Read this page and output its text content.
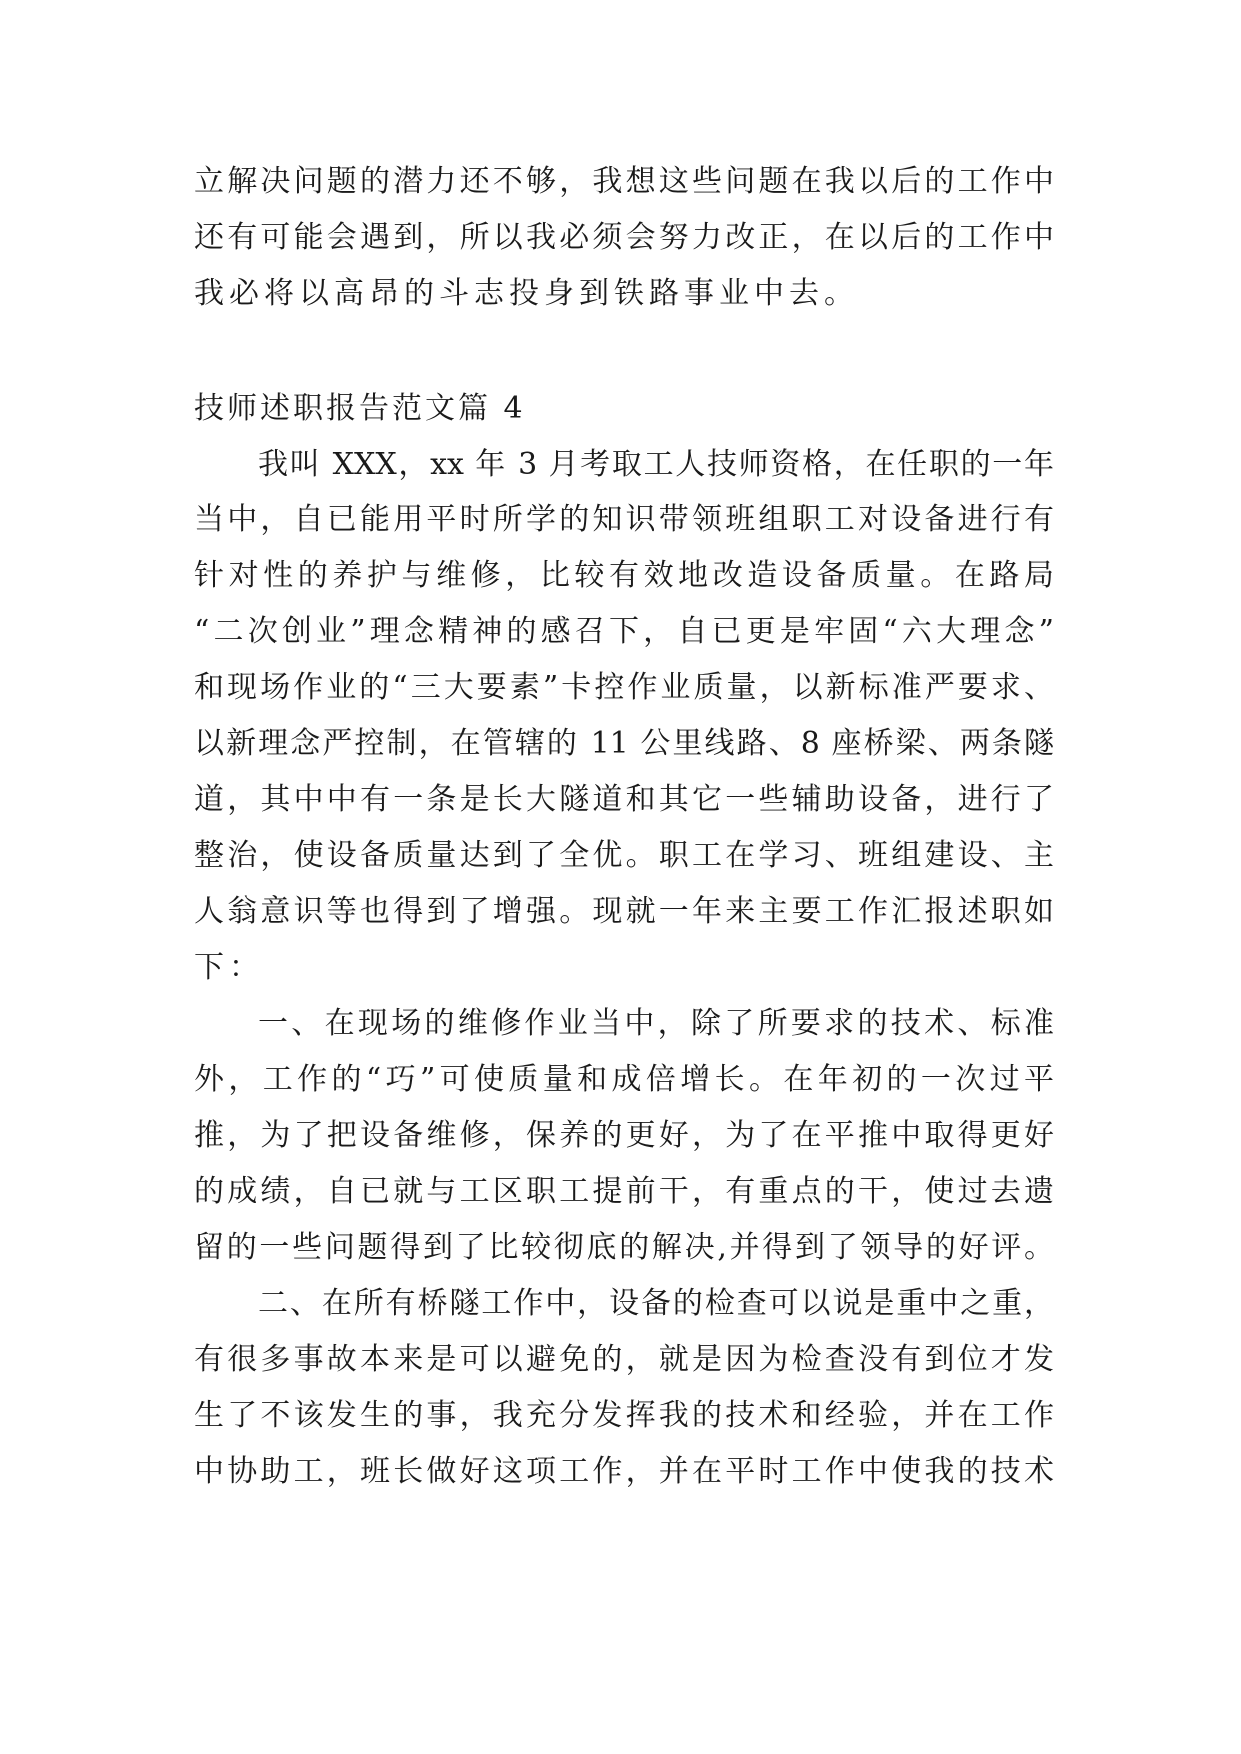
立解决问题的潜力还不够，我想这些问题在我以后的工作中
还有可能会遇到，所以我必须会努力改正，在以后的工作中
我必将以高昂的斗志投身到铁路事业中去。
技师述职报告范文篇 4
我叫 XXX，xx 年 3 月考取工人技师资格，在任职的一年
当中，自已能用平时所学的知识带领班组职工对设备进行有
针对性的养护与维修，比较有效地改造设备质量。在路局
“二次创业”理念精神的感召下，自已更是牢固“六大理念”
和现场作业的“三大要素”卡控作业质量，以新标准严要求、
以新理念严控制，在管辖的 11 公里线路、8 座桥梁、两条隧
道，其中中有一条是长大隧道和其它一些辅助设备，进行了
整治，使设备质量达到了全优。职工在学习、班组建设、主
人翁意识等也得到了增强。现就一年来主要工作汇报述职如
下：
一、在现场的维修作业当中，除了所要求的技术、标准
外，工作的“巧”可使质量和成倍增长。在年初的一次过平
推，为了把设备维修，保养的更好，为了在平推中取得更好
的成绩，自已就与工区职工提前干，有重点的干，使过去遗
留的一些问题得到了比较彻底的解决,并得到了领导的好评。
二、在所有桥隧工作中，设备的检查可以说是重中之重，
有很多事故本来是可以避免的，就是因为检查没有到位才发
生了不该发生的事，我充分发挥我的技术和经验，并在工作
中协助工，班长做好这项工作，并在平时工作中使我的技术
